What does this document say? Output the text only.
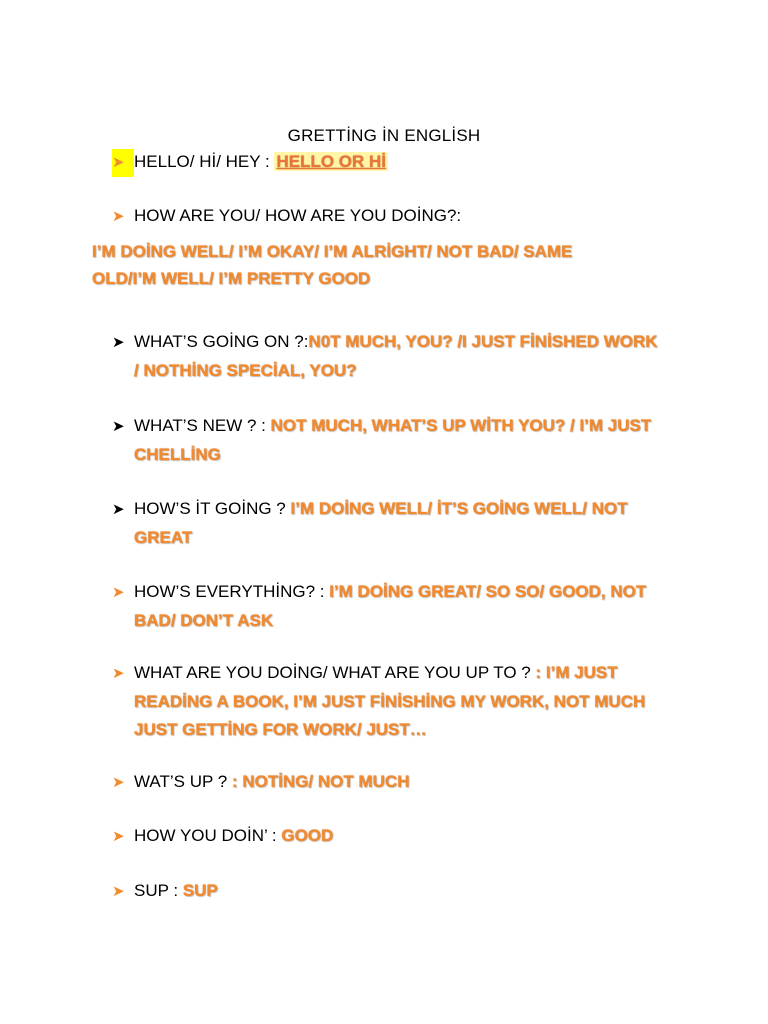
GRETTİNG İN ENGLİSH
➤ HELLO/ Hİ/ HEY : HELLO OR Hİ
➤ HOW ARE YOU/ HOW ARE YOU DOİNG?:
I’M DOİNG WELL/ I’M OKAY/ I’M ALRİGHT/ NOT BAD/ SAME
OLD/I’M WELL/ I’M PRETTY GOOD
➤ WHAT’S GOİNG ON ?:N0T MUCH, YOU? /I JUST FİNİSHED WORK
/ NOTHİNG SPECİAL, YOU?
➤ WHAT’S NEW ? : NOT MUCH, WHAT’S UP WİTH YOU? / I’M JUST
CHELLİNG
➤ HOW’S İT GOİNG ? I’M DOİNG WELL/ İT’S GOİNG WELL/ NOT
GREAT
➤ HOW’S EVERYTHİNG? : I’M DOİNG GREAT/ SO SO/ GOOD, NOT
BAD/ DON’T ASK
➤ WHAT ARE YOU DOİNG/ WHAT ARE YOU UP TO ? : I’M JUST
READİNG A BOOK, I’M JUST FİNİSHİNG MY WORK, NOT MUCH
JUST GETTİNG FOR WORK/ JUST…
➤ WAT’S UP ? : NOTİNG/ NOT MUCH
➤ HOW YOU DOİN’ : GOOD
➤ SUP : SUP
